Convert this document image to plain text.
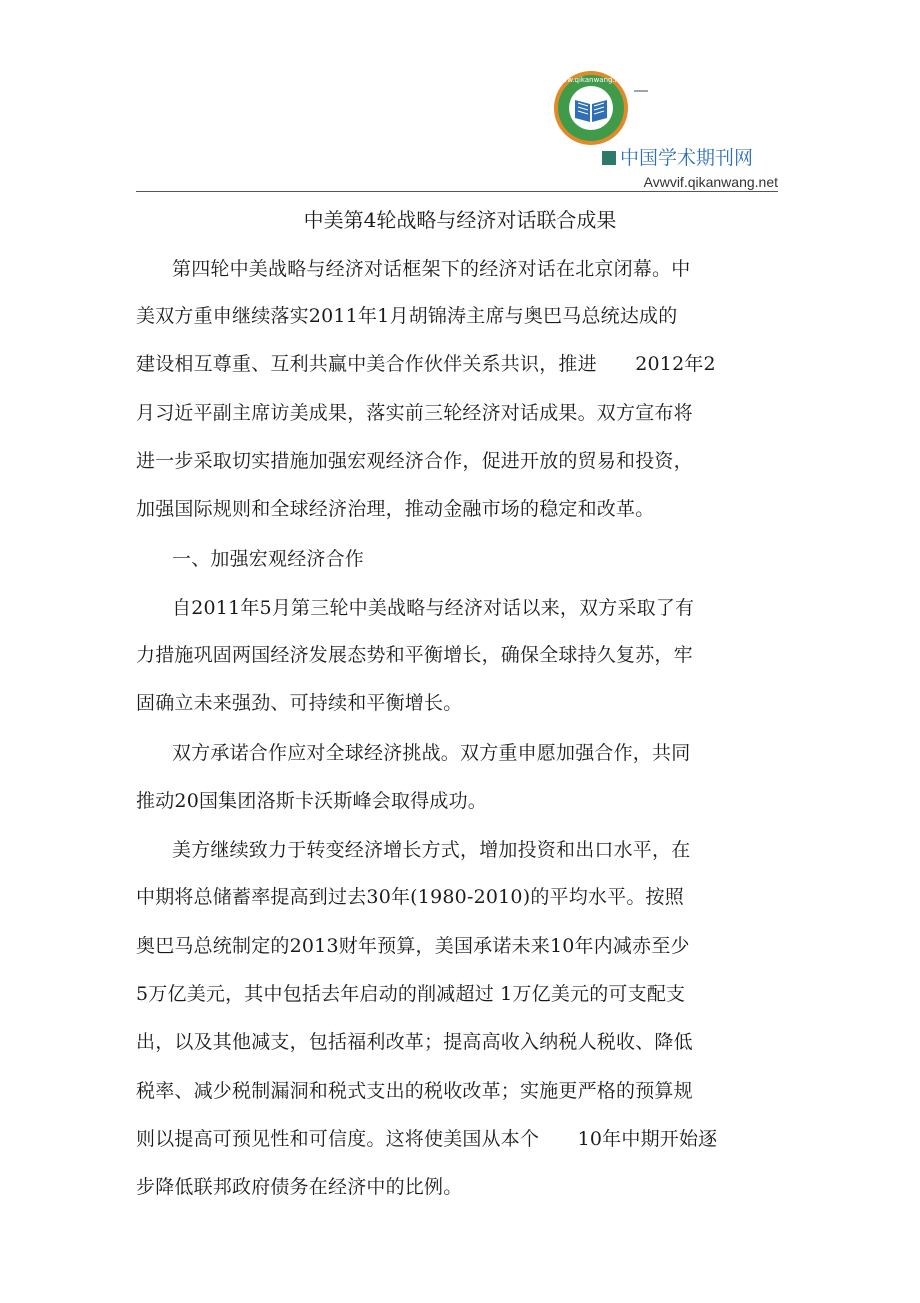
www.qikanwang.net
中国学术期刊网
Avwvif.qikanwang.net
中美第4轮战略与经济对话联合成果
第四轮中美战略与经济对话框架下的经济对话在北京闭幕。中
美双方重申继续落实2011年1月胡锦涛主席与奥巴马总统达成的
建设相互尊重、互利共赢中美合作伙伴关系共识，推进　　2012年2
月习近平副主席访美成果，落实前三轮经济对话成果。双方宣布将
进一步采取切实措施加强宏观经济合作，促进开放的贸易和投资，
加强国际规则和全球经济治理，推动金融市场的稳定和改革。
一、加强宏观经济合作
自2011年5月第三轮中美战略与经济对话以来，双方采取了有
力措施巩固两国经济发展态势和平衡增长，确保全球持久复苏，牢
固确立未来强劲、可持续和平衡增长。
双方承诺合作应对全球经济挑战。双方重申愿加强合作，共同
推动20国集团洛斯卡沃斯峰会取得成功。
美方继续致力于转变经济增长方式，增加投资和出口水平，在
中期将总储蓄率提高到过去30年(1980-2010)的平均水平。按照
奥巴马总统制定的2013财年预算，美国承诺未来10年内减赤至少
5万亿美元，其中包括去年启动的削减超过 1万亿美元的可支配支
出，以及其他减支，包括福利改革；提高高收入纳税人税收、降低
税率、减少税制漏洞和税式支出的税收改革；实施更严格的预算规
则以提高可预见性和可信度。这将使美国从本个　　10年中期开始逐
步降低联邦政府债务在经济中的比例。
